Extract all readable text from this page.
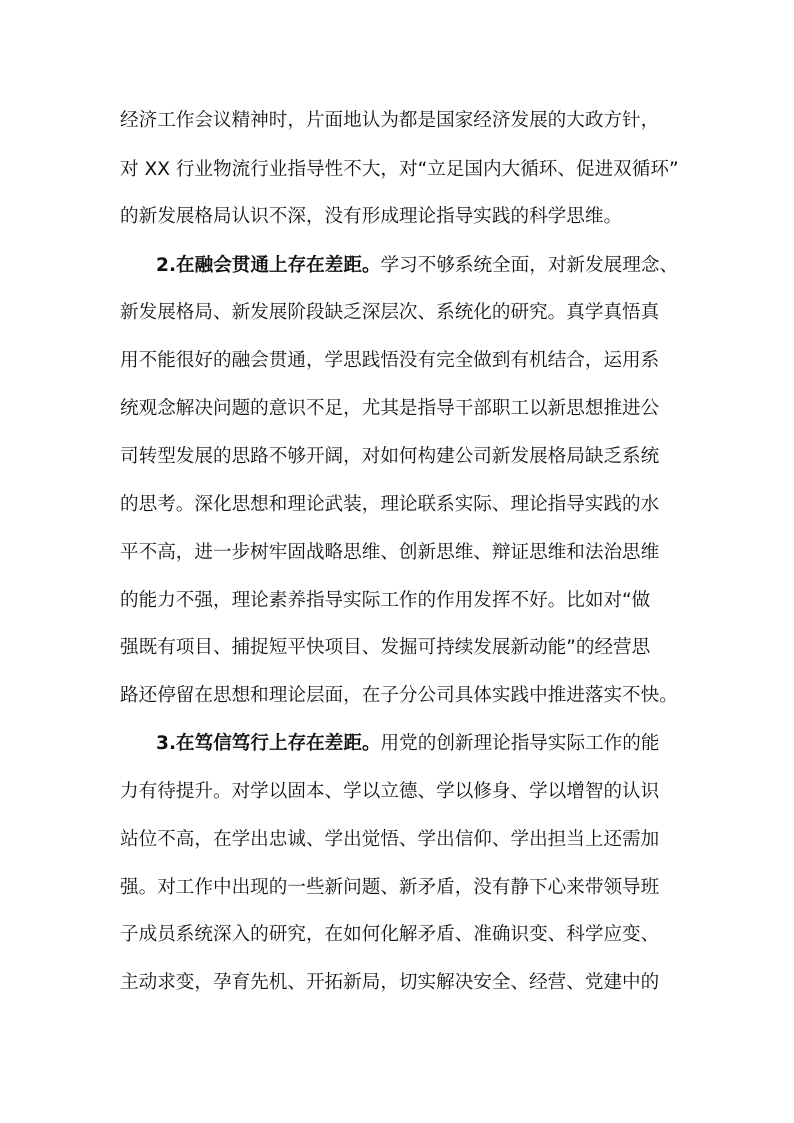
经济工作会议精神时，片面地认为都是国家经济发展的大政方针，
对 XX 行业物流行业指导性不大，对“立足国内大循环、促进双循环”
的新发展格局认识不深，没有形成理论指导实践的科学思维。
2.在融会贯通上存在差距。学习不够系统全面，对新发展理念、
新发展格局、新发展阶段缺乏深层次、系统化的研究。真学真悟真
用不能很好的融会贯通，学思践悟没有完全做到有机结合，运用系
统观念解决问题的意识不足，尤其是指导干部职工以新思想推进公
司转型发展的思路不够开阔，对如何构建公司新发展格局缺乏系统
的思考。深化思想和理论武装，理论联系实际、理论指导实践的水
平不高，进一步树牢固战略思维、创新思维、辩证思维和法治思维
的能力不强，理论素养指导实际工作的作用发挥不好。比如对“做
强既有项目、捕捉短平快项目、发掘可持续发展新动能”的经营思
路还停留在思想和理论层面，在子分公司具体实践中推进落实不快。
3.在笃信笃行上存在差距。用党的创新理论指导实际工作的能
力有待提升。对学以固本、学以立德、学以修身、学以增智的认识
站位不高，在学出忠诚、学出觉悟、学出信仰、学出担当上还需加
强。对工作中出现的一些新问题、新矛盾，没有静下心来带领导班
子成员系统深入的研究，在如何化解矛盾、准确识变、科学应变、
主动求变，孕育先机、开拓新局，切实解决安全、经营、党建中的
